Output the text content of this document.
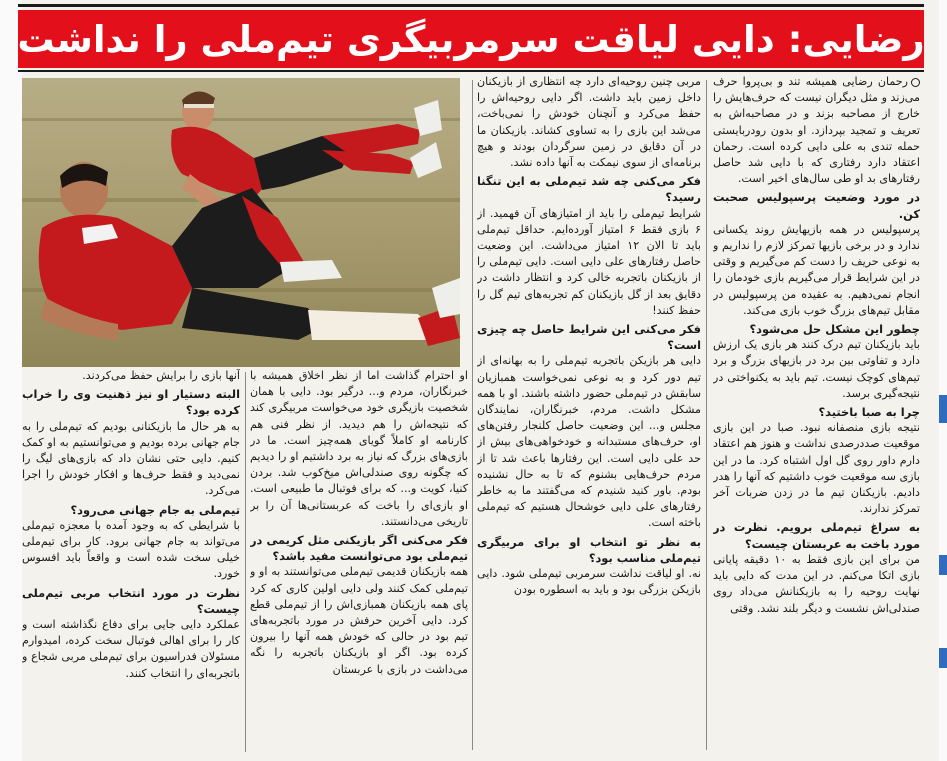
رضایی: دایی لیاقت سرمربیگری تیم‌ملی را نداشت

رحمان رضایی همیشه تند و بی‌پروا حرف می‌زند و مثل دیگران نیست که حرف‌هایش را خارج از مصاحبه بزند و در مصاحبه‌اش به تعریف و تمجید بپردازد. او بدون رودربایستی حمله تندی به علی دایی کرده است. رحمان اعتقاد دارد رفتاری که با دایی شد حاصل رفتارهای بد او طی سال‌های اخیر است.

در مورد وضعیت پرسپولیس صحبت کن.

پرسپولیس در همه بازیهایش روند یکسانی ندارد و در برخی بازیها تمرکز لازم را نداریم و به نوعی حریف را دست کم می‌گیریم و وقتی در این شرایط قرار می‌گیریم بازی خودمان را انجام نمی‌دهیم. به عقیده من پرسپولیس در مقابل تیم‌های بزرگ خوب بازی می‌کند.

چطور این مشکل حل می‌شود؟

باید بازیکنان تیم درک کنند هر بازی یک ارزش دارد و تفاوتی بین برد در بازیهای بزرگ و برد تیم‌های کوچک نیست. تیم باید به یکنواختی در نتیجه‌گیری برسد.

چرا به صبا باختید؟

نتیجه بازی منصفانه نبود. صبا در این بازی موقعیت صددرصدی نداشت و هنوز هم اعتقاد دارم داور روی گل اول اشتباه کرد. ما در این بازی سه موقعیت خوب داشتیم که آنها را هدر دادیم. بازیکنان تیم ما در زدن ضربات آخر تمرکز ندارند.

به سراغ تیم‌ملی برویم. نظرت در مورد باخت به عربستان چیست؟

من برای این بازی فقط به ۱۰ دقیقه پایانی بازی اتکا می‌کنم. در این مدت که دایی باید نهایت روحیه را به بازیکنانش می‌داد روی صندلی‌اش نشست و دیگر بلند نشد. وقتی

مربی چنین روحیه‌ای دارد چه انتظاری از بازیکنان داخل زمین باید داشت. اگر دایی روحیه‌اش را حفظ می‌کرد و آنچنان خودش را نمی‌باخت، می‌شد این بازی را به تساوی کشاند. بازیکنان ما در آن دقایق در زمین سرگردان بودند و هیچ برنامه‌ای از سوی نیمکت به آنها داده نشد.

فکر می‌کنی چه شد تیم‌ملی به این تنگنا رسید؟

شرایط تیم‌ملی را باید از امتیازهای آن فهمید. از ۶ بازی فقط ۶ امتیاز آورده‌ایم. حداقل تیم‌ملی باید تا الان ۱۲ امتیاز می‌داشت. این وضعیت حاصل رفتارهای علی دایی است. دایی تیم‌ملی را از بازیکنان باتجربه خالی کرد و انتظار داشت در دقایق بعد از گل بازیکنان کم تجربه‌های تیم گل را حفظ کنند!

فکر می‌کنی این شرایط حاصل چه چیزی است؟

دایی هر بازیکن باتجربه تیم‌ملی را به بهانه‌ای از تیم دور کرد و به نوعی نمی‌خواست همبازیان سابقش در تیم‌ملی حضور داشته باشند. او با همه مشکل داشت. مردم، خبرنگاران، نمایندگان مجلس و... این وضعیت حاصل کلنجار رفتن‌های او، حرف‌های مستبدانه و خودخواهی‌های بیش از حد علی دایی است. این رفتارها باعث شد تا از مردم حرف‌هایی بشنوم که تا به حال نشنیده بودم. باور کنید شنیدم که می‌گفتند ما به خاطر رفتارهای علی دایی خوشحال هستیم که تیم‌ملی باخته است.

به نظر تو انتخاب او برای مربیگری تیم‌ملی مناسب بود؟

نه. او لیاقت نداشت سرمربی تیم‌ملی شود. دایی بازیکن بزرگی بود و باید به اسطوره بودن

او احترام گذاشت اما از نظر اخلاق همیشه با خبرنگاران، مردم و... درگیر بود. دایی با همان شخصیت بازیگری خود می‌خواست مربیگری کند که نتیجه‌اش را هم دیدید. از نظر فنی هم کارنامه او کاملاً گویای همه‌چیز است. ما در بازی‌های بزرگ که نیاز به برد داشتیم او را دیدیم که چگونه روی صندلی‌اش میخ‌کوب شد. بردن کنیا، کویت و... که برای فوتبال ما طبیعی است. او بازی‌ای را باخت که عربستانی‌ها آن را بر تاریخی می‌دانستند.

فکر می‌کنی اگر بازیکنی مثل کریمی در تیم‌ملی بود می‌توانست مفید باشد؟

همه بازیکنان قدیمی تیم‌ملی می‌توانستند به او و تیم‌ملی کمک کنند ولی دایی اولین کاری که کرد پای همه بازیکنان همبازی‌اش را از تیم‌ملی قطع کرد. دایی آخرین حرفش در مورد باتجربه‌های تیم بود در حالی که خودش همه آنها را بیرون کرده بود. اگر او بازیکنان باتجربه را نگه می‌داشت در بازی با عربستان

آنها بازی را برایش حفظ می‌کردند.

البته دستیار او نیز ذهنیت وی را خراب کرده بود؟

به هر حال ما بازیکنانی بودیم که تیم‌ملی را به جام جهانی برده بودیم و می‌توانستیم به او کمک کنیم. دایی حتی نشان داد که بازی‌های لیگ را نمی‌دید و فقط حرف‌ها و افکار خودش را اجرا می‌کرد.

تیم‌ملی به جام جهانی می‌رود؟

با شرایطی که به وجود آمده با معجزه تیم‌ملی می‌تواند به جام جهانی برود. کار برای تیم‌ملی خیلی سخت شده است و واقعاً باید افسوس خورد.

نظرت در مورد انتخاب مربی تیم‌ملی چیست؟

عملکرد دایی جایی برای دفاع نگذاشته است و کار را برای اهالی فوتبال سخت کرده، امیدوارم مسئولان فدراسیون برای تیم‌ملی مربی شجاع و باتجربه‌ای را انتخاب کنند.
